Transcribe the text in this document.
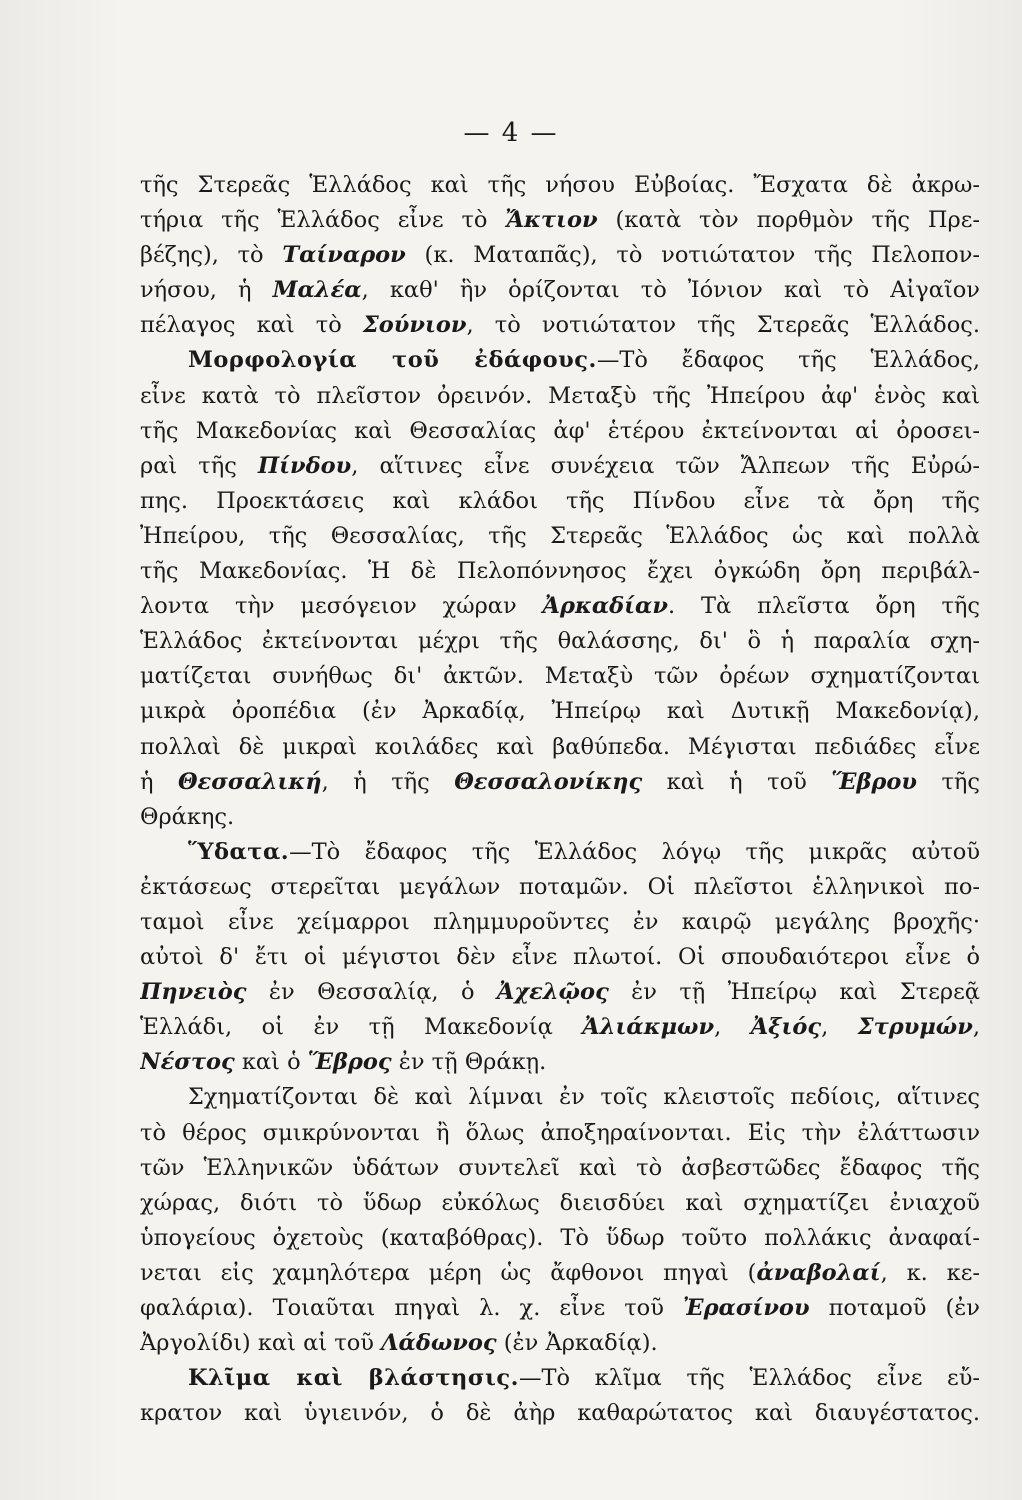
— 4 —
τῆς Στερεᾶς Ἑλλάδος καὶ τῆς νήσου Εὐβοίας. Ἔσχατα δὲ ἀκρω-
τήρια τῆς Ἑλλάδος εἶνε τὸ Ἄκτιον (κατὰ τὸν πορθμὸν τῆς Πρε-
βέζης), τὸ Ταίναρον (κ. Ματαπᾶς), τὸ νοτιώτατον τῆς Πελοπον-
νήσου, ἡ Μαλέα, καθ' ἣν ὁρίζονται τὸ Ἰόνιον καὶ τὸ Αἰγαῖον
πέλαγος καὶ τὸ Σούνιον, τὸ νοτιώτατον τῆς Στερεᾶς Ἑλλάδος.
Μορφολογία τοῦ ἐδάφους.—Τὸ ἔδαφος τῆς Ἑλλάδος,
εἶνε κατὰ τὸ πλεῖστον ὀρεινόν. Μεταξὺ τῆς Ἠπείρου ἀφ' ἑνὸς καὶ
τῆς Μακεδονίας καὶ Θεσσαλίας ἀφ' ἑτέρου ἐκτείνονται αἱ ὀροσει-
ραὶ τῆς Πίνδου, αἵτινες εἶνε συνέχεια τῶν Ἄλπεων τῆς Εὐρώ-
πης. Προεκτάσεις καὶ κλάδοι τῆς Πίνδου εἶνε τὰ ὄρη τῆς
Ἠπείρου, τῆς Θεσσαλίας, τῆς Στερεᾶς Ἑλλάδος ὡς καὶ πολλὰ
τῆς Μακεδονίας. Ἡ δὲ Πελοπόννησος ἔχει ὀγκώδη ὄρη περιβάλ-
λοντα τὴν μεσόγειον χώραν Ἀρκαδίαν. Τὰ πλεῖστα ὄρη τῆς
Ἑλλάδος ἐκτείνονται μέχρι τῆς θαλάσσης, δι' ὃ ἡ παραλία σχη-
ματίζεται συνήθως δι' ἀκτῶν. Μεταξὺ τῶν ὀρέων σχηματίζονται
μικρὰ ὀροπέδια (ἐν Ἀρκαδίᾳ, Ἠπείρῳ καὶ Δυτικῇ Μακεδονίᾳ),
πολλαὶ δὲ μικραὶ κοιλάδες καὶ βαθύπεδα. Μέγισται πεδιάδες εἶνε
ἡ Θεσσαλική, ἡ τῆς Θεσσαλονίκης καὶ ἡ τοῦ Ἕβρου τῆς
Θράκης.
Ὕδατα.—Τὸ ἔδαφος τῆς Ἑλλάδος λόγῳ τῆς μικρᾶς αὐτοῦ
ἐκτάσεως στερεῖται μεγάλων ποταμῶν. Οἱ πλεῖστοι ἑλληνικοὶ πο-
ταμοὶ εἶνε χείμαρροι πλημμυροῦντες ἐν καιρῷ μεγάλης βροχῆς·
αὐτοὶ δ' ἔτι οἱ μέγιστοι δὲν εἶνε πλωτοί. Οἱ σπουδαιότεροι εἶνε ὁ
Πηνειὸς ἐν Θεσσαλίᾳ, ὁ Ἀχελῷος ἐν τῇ Ἠπείρῳ καὶ Στερεᾷ
Ἑλλάδι, οἱ ἐν τῇ Μακεδονίᾳ Ἀλιάκμων, Ἀξιός, Στρυμών,
Νέστος καὶ ὁ Ἕβρος ἐν τῇ Θράκῃ.
Σχηματίζονται δὲ καὶ λίμναι ἐν τοῖς κλειστοῖς πεδίοις, αἵτινες
τὸ θέρος σμικρύνονται ἢ ὅλως ἀποξηραίνονται. Εἰς τὴν ἐλάττωσιν
τῶν Ἑλληνικῶν ὑδάτων συντελεῖ καὶ τὸ ἀσβεστῶδες ἔδαφος τῆς
χώρας, διότι τὸ ὕδωρ εὐκόλως διεισδύει καὶ σχηματίζει ἐνιαχοῦ
ὑπογείους ὀχετοὺς (καταβόθρας). Τὸ ὕδωρ τοῦτο πολλάκις ἀναφαί-
νεται εἰς χαμηλότερα μέρη ὡς ἄφθονοι πηγαὶ (ἀναβολαί, κ. κε-
φαλάρια). Τοιαῦται πηγαὶ λ. χ. εἶνε τοῦ Ἐρασίνου ποταμοῦ (ἐν
Ἀργολίδι) καὶ αἱ τοῦ Λάδωνος (ἐν Ἀρκαδίᾳ).
Κλῖμα καὶ βλάστησις.—Τὸ κλῖμα τῆς Ἑλλάδος εἶνε εὔ-
κρατον καὶ ὑγιεινόν, ὁ δὲ ἀὴρ καθαρώτατος καὶ διαυγέστατος.
